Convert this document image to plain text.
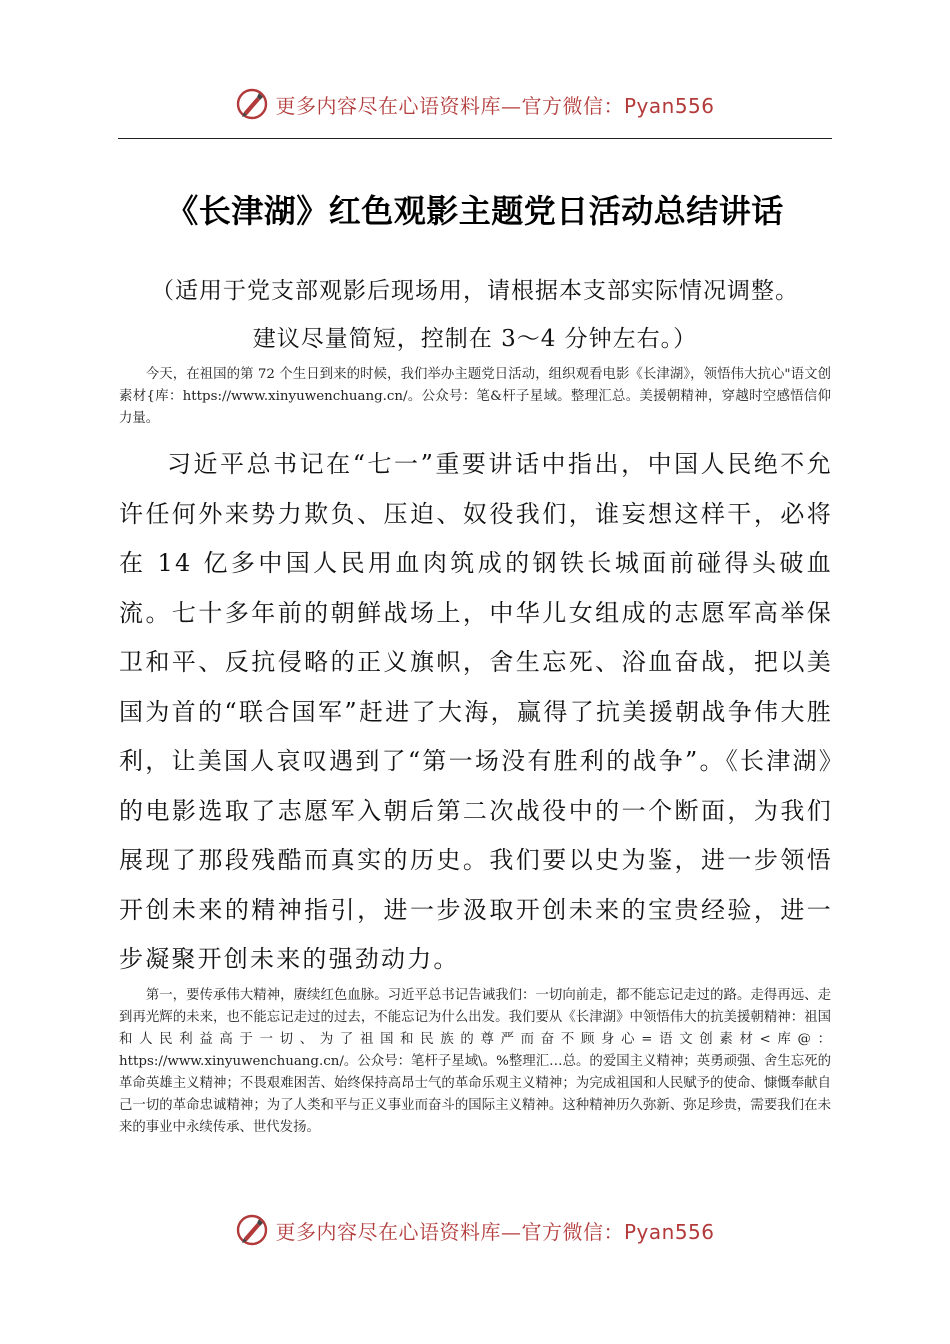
更多内容尽在心语资料库—官方微信：Pyan556
《长津湖》红色观影主题党日活动总结讲话
（适用于党支部观影后现场用，请根据本支部实际情况调整。
建议尽量简短，控制在 3～4 分钟左右。）

今天，在祖国的第 72 个生日到来的时候，我们举办主题党日活动，组织观看电影《长津湖》，领悟伟大抗心"语文创素材{库：https://www.xinyuwenchuang.cn/。公众号：笔&杆子星域。整理汇总。美援朝精神，穿越时空感悟信仰力量。

习近平总书记在“七一”重要讲话中指出，中国人民绝不允许任何外来势力欺负、压迫、奴役我们，谁妄想这样干，必将在 14 亿多中国人民用血肉筑成的钢铁长城面前碰得头破血流。七十多年前的朝鲜战场上，中华儿女组成的志愿军高举保卫和平、反抗侵略的正义旗帜，舍生忘死、浴血奋战，把以美国为首的“联合国军”赶进了大海，赢得了抗美援朝战争伟大胜利，让美国人哀叹遇到了“第一场没有胜利的战争”。《长津湖》的电影选取了志愿军入朝后第二次战役中的一个断面，为我们展现了那段残酷而真实的历史。我们要以史为鉴，进一步领悟开创未来的精神指引，进一步汲取开创未来的宝贵经验，进一步凝聚开创未来的强劲动力。

第一，要传承伟大精神，赓续红色血脉。习近平总书记告诫我们：一切向前走，都不能忘记走过的路。走得再远、走到再光辉的未来，也不能忘记走过的过去，不能忘记为什么出发。我们要从《长津湖》中领悟伟大的抗美援朝精神：祖国和人民利益高于一切、为了祖国和民族的尊严而奋不顾身心=语文创素材<库@：https://www.xinyuwenchuang.cn/。公众号：笔杆子星域\。%整理汇…总。的爱国主义精神；英勇顽强、舍生忘死的革命英雄主义精神；不畏艰难困苦、始终保持高昂士气的革命乐观主义精神；为完成祖国和人民赋予的使命、慷慨奉献自己一切的革命忠诚精神；为了人类和平与正义事业而奋斗的国际主义精神。这种精神历久弥新、弥足珍贵，需要我们在未来的事业中永续传承、世代发扬。

更多内容尽在心语资料库—官方微信：Pyan556
